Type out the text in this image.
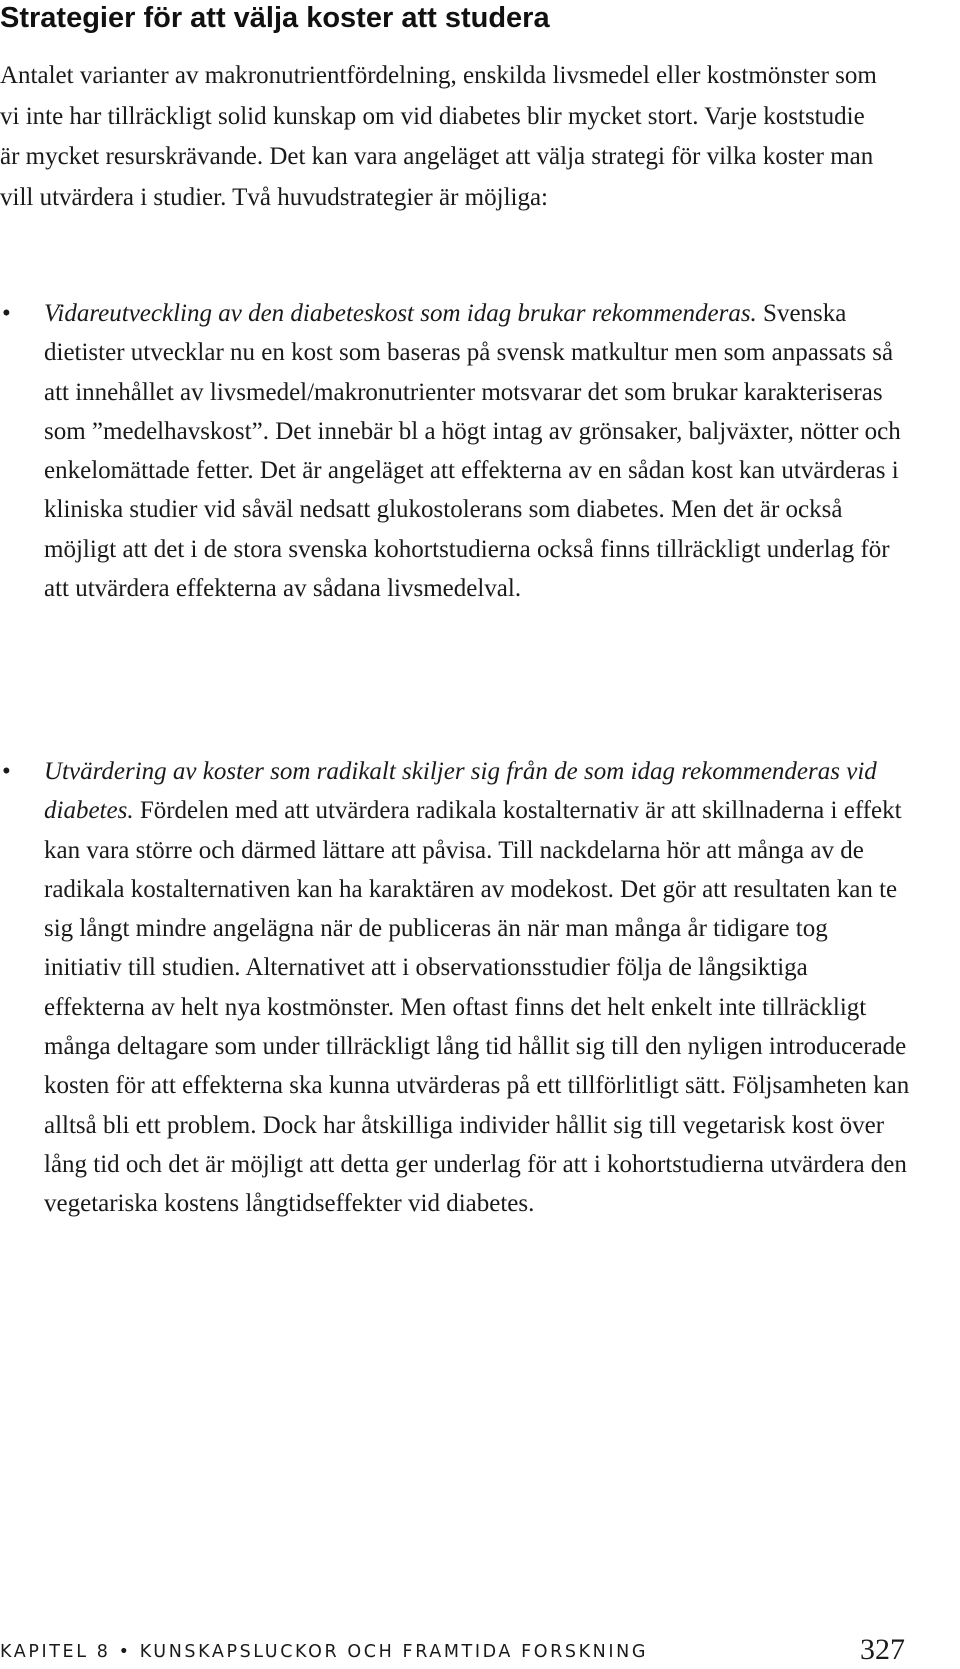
Strategier för att välja koster att studera

Antalet varianter av makronutrientfördelning, enskilda livsmedel eller kostmönster som vi inte har tillräckligt solid kunskap om vid diabetes blir mycket stort. Varje koststudie är mycket resurskrävande. Det kan vara angeläget att välja strategi för vilka koster man vill utvärdera i studier. Två huvudstrategier är möjliga:

• Vidareutveckling av den diabeteskost som idag brukar rekommenderas. Svenska dietister utvecklar nu en kost som baseras på svensk matkultur men som anpassats så att innehållet av livsmedel/makronutrienter motsvarar det som brukar karakteriseras som ”medelhavskost”. Det innebär bl a högt intag av grönsaker, baljväxter, nötter och enkelomättade fetter. Det är angeläget att effekterna av en sådan kost kan utvärderas i kliniska studier vid såväl nedsatt glukostolerans som diabetes. Men det är också möjligt att det i de stora svenska kohortstudierna också finns tillräckligt underlag för att utvärdera effekterna av sådana livsmedelval.

• Utvärdering av koster som radikalt skiljer sig från de som idag rekommenderas vid diabetes. Fördelen med att utvärdera radikala kostalternativ är att skillnaderna i effekt kan vara större och därmed lättare att påvisa. Till nackdelarna hör att många av de radikala kostalternativen kan ha karaktären av modekost. Det gör att resultaten kan te sig långt mindre angelägna när de publiceras än när man många år tidigare tog initiativ till studien. Alternativet att i observationsstudier följa de långsiktiga effekterna av helt nya kostmönster. Men oftast finns det helt enkelt inte tillräckligt många deltagare som under tillräckligt lång tid hållit sig till den nyligen introducerade kosten för att effekterna ska kunna utvärderas på ett tillförlitligt sätt. Följsamheten kan alltså bli ett problem. Dock har åtskilliga individer hållit sig till vegetarisk kost över lång tid och det är möjligt att detta ger underlag för att i kohortstudierna utvärdera den vegetariska kostens långtidseffekter vid diabetes.

KAPITEL 8 • KUNSKAPSLUCKOR OCH FRAMTIDA FORSKNING	327
